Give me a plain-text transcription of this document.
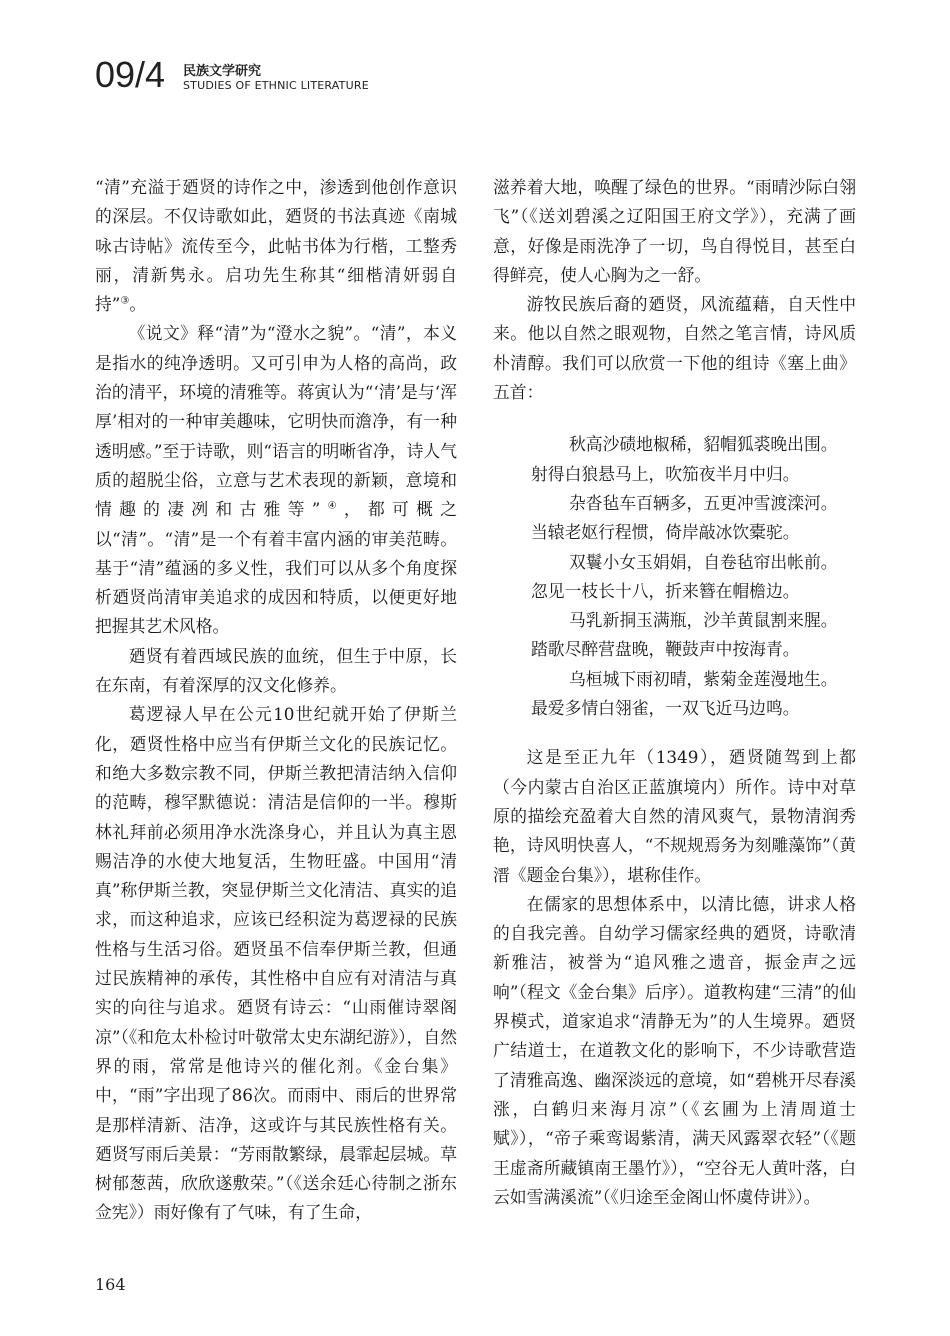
09/4 民族文学研究
STUDIES OF ETHNIC LITERATURE

“清”充溢于廼贤的诗作之中，渗透到他创作意识的深层。不仅诗歌如此，廼贤的书法真迹《南城咏古诗帖》流传至今，此帖书体为行楷，工整秀丽，清新隽永。启功先生称其“细楷清妍弱自持”③。

《说文》释“清”为“澄水之貌”。“清”，本义是指水的纯净透明。又可引申为人格的高尚，政治的清平，环境的清雅等。蒋寅认为“‘清’是与‘浑厚’相对的一种审美趣味，它明快而澹净，有一种透明感。”至于诗歌，则“语言的明晰省净，诗人气质的超脱尘俗，立意与艺术表现的新颖，意境和情趣的凄冽和古雅等”④，都可概之以“清”。“清”是一个有着丰富内涵的审美范畴。基于“清”蕴涵的多义性，我们可以从多个角度探析廼贤尚清审美追求的成因和特质，以便更好地把握其艺术风格。

廼贤有着西域民族的血统，但生于中原，长在东南，有着深厚的汉文化修养。

葛逻禄人早在公元10世纪就开始了伊斯兰化，廼贤性格中应当有伊斯兰文化的民族记忆。和绝大多数宗教不同，伊斯兰教把清洁纳入信仰的范畴，穆罕默德说：清洁是信仰的一半。穆斯林礼拜前必须用净水洗涤身心，并且认为真主恩赐洁净的水使大地复活，生物旺盛。中国用“清真”称伊斯兰教，突显伊斯兰文化清洁、真实的追求，而这种追求，应该已经积淀为葛逻禄的民族性格与生活习俗。廼贤虽不信奉伊斯兰教，但通过民族精神的承传，其性格中自应有对清洁与真实的向往与追求。廼贤有诗云：“山雨催诗翠阁凉”（《和危太朴检讨叶敬常太史东湖纪游》），自然界的雨，常常是他诗兴的催化剂。《金台集》中，“雨”字出现了86次。而雨中、雨后的世界常是那样清新、洁净，这或许与其民族性格有关。廼贤写雨后美景：“芳雨散繁绿，晨霏起层城。草树郁葱茜，欣欣遂敷荣。”（《送余廷心待制之浙东佥宪》）雨好像有了气味，有了生命，

滋养着大地，唤醒了绿色的世界。“雨晴沙际白翎飞”（《送刘碧溪之辽阳国王府文学》），充满了画意，好像是雨洗净了一切，鸟自得悦目，甚至白得鲜亮，使人心胸为之一舒。

游牧民族后裔的廼贤，风流蕴藉，自天性中来。他以自然之眼观物，自然之笔言情，诗风质朴清醇。我们可以欣赏一下他的组诗《塞上曲》五首：

秋高沙碛地椒稀，貂帽狐裘晚出围。
射得白狼悬马上，吹笳夜半月中归。
杂沓毡车百辆多，五更冲雪渡滦河。
当辕老妪行程惯，倚岸敲冰饮橐驼。
双鬟小女玉娟娟，自卷毡帘出帐前。
忽见一枝长十八，折来簪在帽檐边。
马乳新挏玉满瓶，沙羊黄鼠割来腥。
踏歌尽醉营盘晚，鞭鼓声中按海青。
乌桓城下雨初晴，紫菊金莲漫地生。
最爱多情白翎雀，一双飞近马边鸣。

这是至正九年（1349），廼贤随驾到上都（今内蒙古自治区正蓝旗境内）所作。诗中对草原的描绘充盈着大自然的清风爽气，景物清润秀艳，诗风明快喜人，“不规规焉务为刻雕藻饰”（黄溍《题金台集》），堪称佳作。

在儒家的思想体系中，以清比德，讲求人格的自我完善。自幼学习儒家经典的廼贤，诗歌清新雅洁，被誉为“追风雅之遗音，振金声之远响”（程文《金台集》后序）。道教构建“三清”的仙界模式，道家追求“清静无为”的人生境界。廼贤广结道士，在道教文化的影响下，不少诗歌营造了清雅高逸、幽深淡远的意境，如“碧桃开尽春溪涨，白鹤归来海月凉”（《玄圃为上清周道士赋》），“帝子乘鸾谒紫清，满天风露翠衣轻”（《题王虚斋所藏镇南王墨竹》），“空谷无人黄叶落，白云如雪满溪流”（《归途至金阁山怀虞侍讲》）。

164
